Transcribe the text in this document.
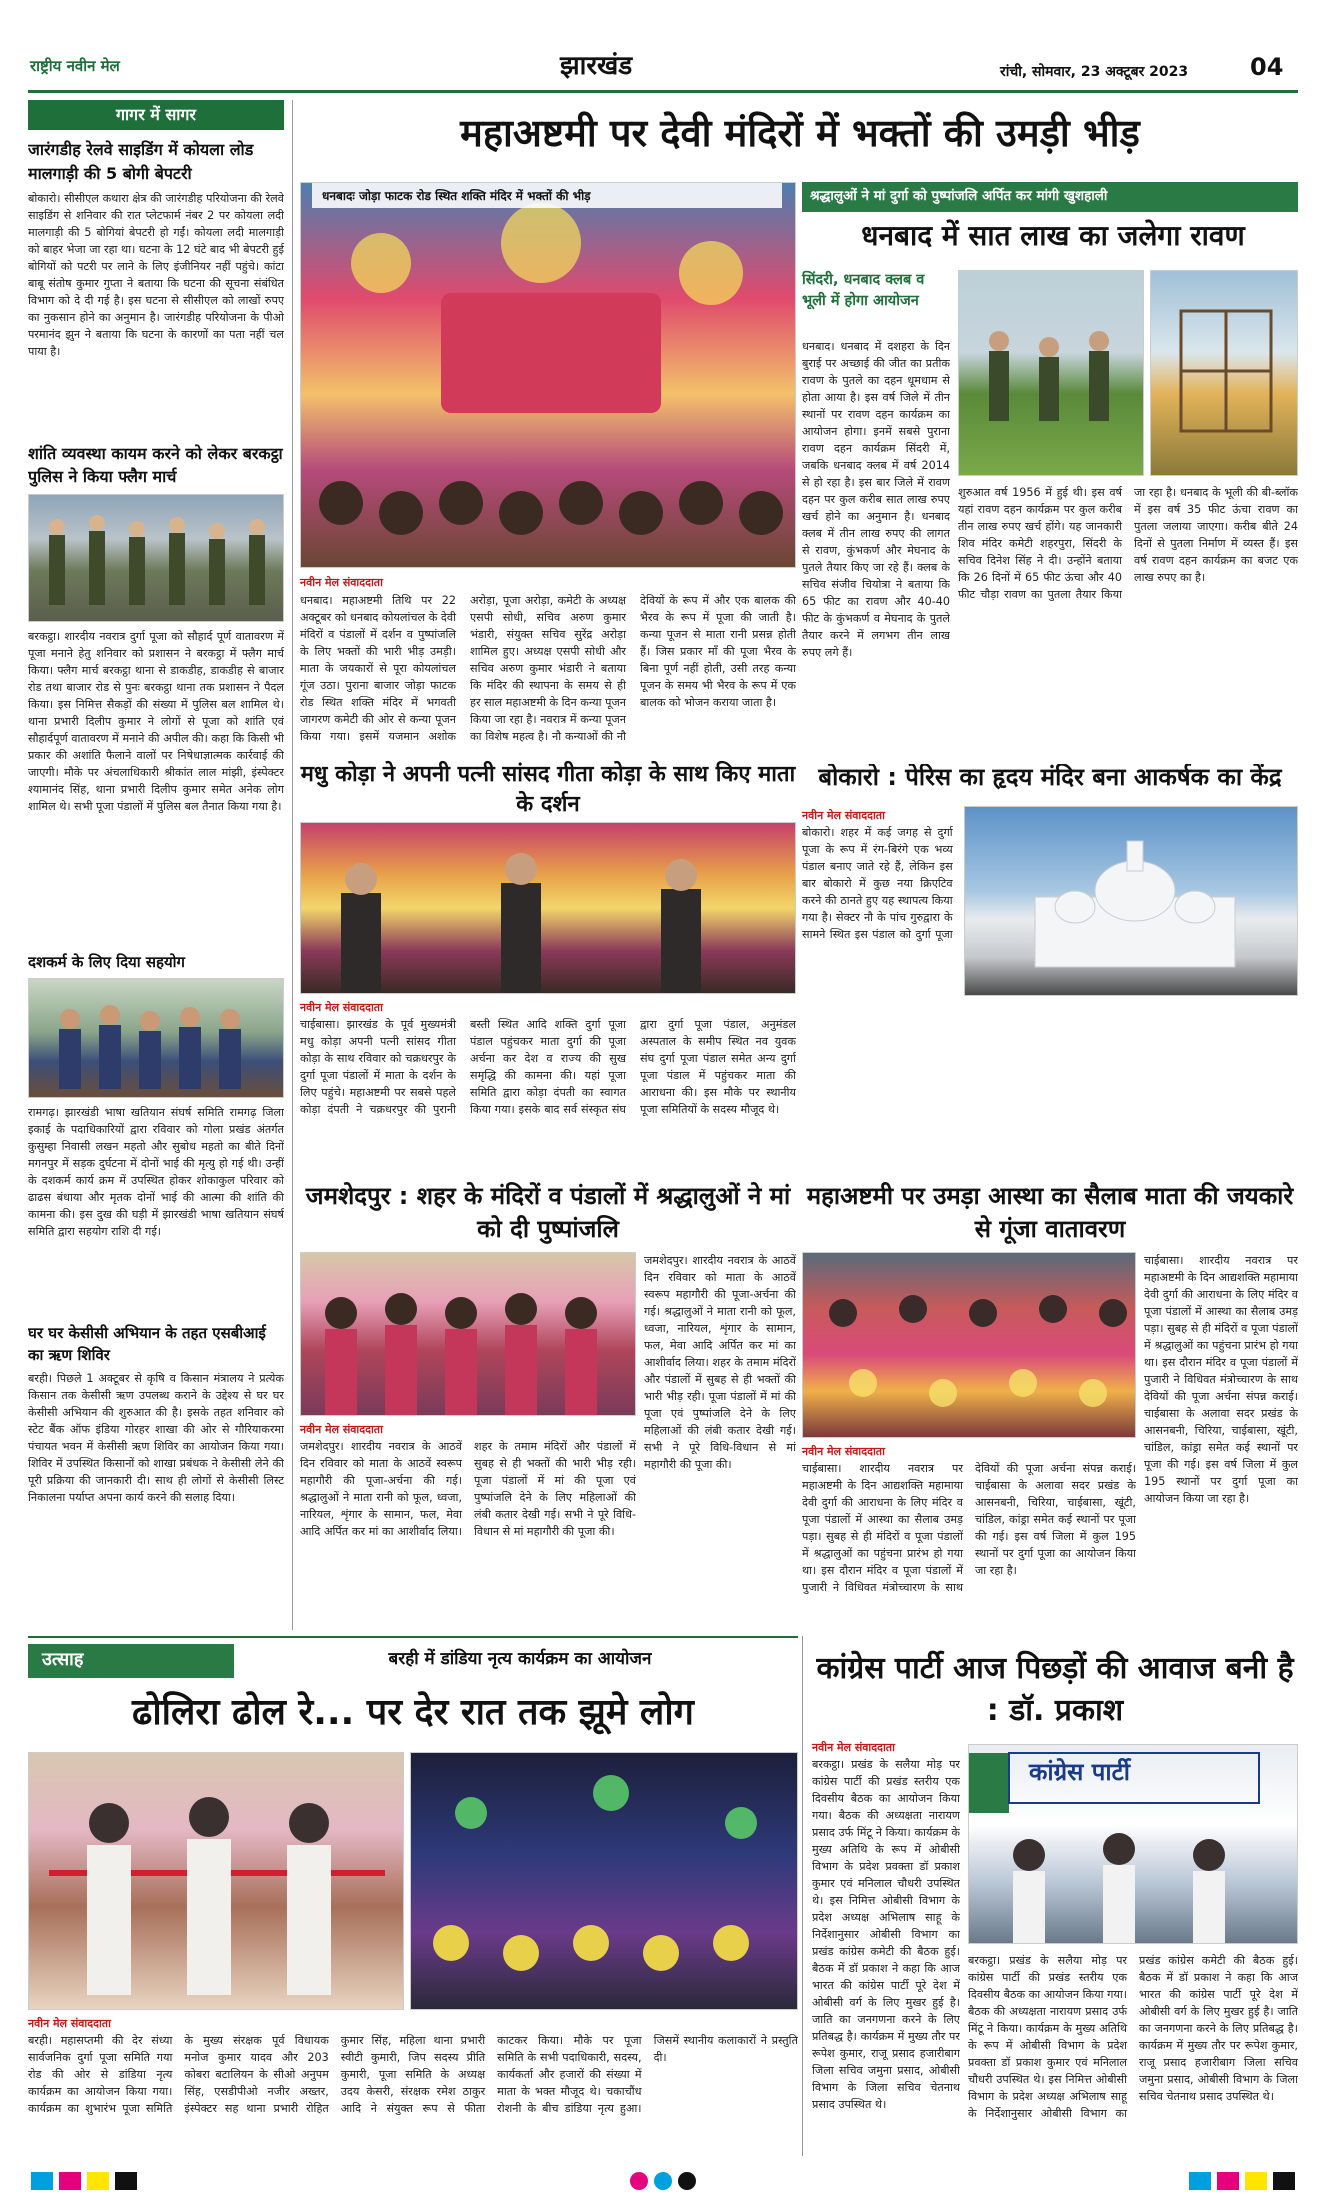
राष्ट्रीय नवीन मेल	झारखंड	रांची, सोमवार, 23 अक्टूबर 2023	04
गागर में सागर
जारंगडीह रेलवे साइडिंग में कोयला लोड मालगाड़ी की 5 बोगी बेपटरी
बोकारो। सीसीएल कथारा क्षेत्र की जारंगडीह परियोजना की रेलवे साइडिंग से शनिवार की रात प्लेटफार्म नंबर 2 पर कोयला लदी मालगाड़ी की 5 बोगियां बेपटरी हो गईं। कोयला लदी मालगाड़ी को बाहर भेजा जा रहा था। घटना के 12 घंटे बाद भी बेपटरी हुई बोगियों को पटरी पर लाने के लिए इंजीनियर नहीं पहुंचे। कांटा बाबू संतोष कुमार गुप्ता ने बताया कि घटना की सूचना संबंधित विभाग को दे दी गई है। इस घटना से सीसीएल को लाखों रुपए का नुकसान होने का अनुमान है। जारंगडीह परियोजना के पीओ परमानंद झुन ने बताया कि घटना के कारणों का पता नहीं चल पाया है।
शांति व्यवस्था कायम करने को लेकर बरकट्ठा पुलिस ने किया फ्लैग मार्च
बरकट्ठा। शारदीय नवरात्र दुर्गा पूजा को सौहार्द पूर्ण वातावरण में पूजा मनाने हेतु शनिवार को प्रशासन ने बरकट्ठा में फ्लैग मार्च किया। फ्लैग मार्च बरकट्ठा थाना से डाकडीह, डाकडीह से बाजार रोड तथा बाजार रोड से पुनः बरकट्ठा थाना तक प्रशासन ने पैदल किया। इस निमित्त सैकड़ों की संख्या में पुलिस बल शामिल थे। थाना प्रभारी दिलीप कुमार ने लोगों से पूजा को शांति एवं सौहार्दपूर्ण वातावरण में मनाने की अपील की। कहा कि किसी भी प्रकार की अशांति फैलाने वालों पर निषेधाज्ञात्मक कार्रवाई की जाएगी। मौके पर अंचलाधिकारी श्रीकांत लाल मांझी, इंस्पेक्टर श्यामानंद सिंह, थाना प्रभारी दिलीप कुमार समेत अनेक लोग शामिल थे। सभी पूजा पंडालों में पुलिस बल तैनात किया गया है।
दशकर्म के लिए दिया सहयोग
रामगढ़। झारखंडी भाषा खतियान संघर्ष समिति रामगढ़ जिला इकाई के पदाधिकारियों द्वारा रविवार को गोला प्रखंड अंतर्गत कुसुम्हा निवासी लखन महतो और सुबोध महतो का बीते दिनों मगनपुर में सड़क दुर्घटना में दोनों भाई की मृत्यु हो गई थी। उन्हीं के दशकर्म कार्य क्रम में उपस्थित होकर शोकाकुल परिवार को ढाढस बंधाया और मृतक दोनों भाई की आत्मा की शांति की कामना की। इस दुख की घड़ी में झारखंडी भाषा खतियान संघर्ष समिति द्वारा सहयोग राशि दी गई।
घर घर केसीसी अभियान के तहत एसबीआई का ऋण शिविर
बरही। पिछले 1 अक्टूबर से कृषि व किसान मंत्रालय ने प्रत्येक किसान तक केसीसी ऋण उपलब्ध कराने के उद्देश्य से घर घर केसीसी अभियान की शुरुआत की है। इसके तहत शनिवार को स्टेट बैंक ऑफ इंडिया गोरहर शाखा की ओर से गौरियाकरमा पंचायत भवन में केसीसी ऋण शिविर का आयोजन किया गया। शिविर में उपस्थित किसानों को शाखा प्रबंधक ने केसीसी लेने की पूरी प्रक्रिया की जानकारी दी। साथ ही लोगों से केसीसी लिस्ट निकालना पर्याप्त अपना कार्य करने की सलाह दिया।
महाअष्टमी पर देवी मंदिरों में भक्तों की उमड़ी भीड़
धनबादः जोड़ा फाटक रोड स्थित शक्ति मंदिर में भक्तों की भीड़
नवीन मेल संवाददाता
धनबाद। महाअष्टमी तिथि पर 22 अक्टूबर को धनबाद कोयलांचल के देवी मंदिरों व पंडालों में दर्शन व पुष्पांजलि के लिए भक्तों की भारी भीड़ उमड़ी। माता के जयकारों से पूरा कोयलांचल गूंज उठा। पुराना बाजार जोड़ा फाटक रोड स्थित शक्ति मंदिर में भगवती जागरण कमेटी की ओर से कन्या पूजन किया गया। इसमें यजमान अशोक अरोड़ा, पूजा अरोड़ा, कमेटी के अध्यक्ष एसपी सोधी, सचिव अरुण कुमार भंडारी, संयुक्त सचिव सुरेंद्र अरोड़ा शामिल हुए। अध्यक्ष एसपी सोधी और सचिव अरुण कुमार भंडारी ने बताया कि मंदिर की स्थापना के समय से ही हर साल महाअष्टमी के दिन कन्या पूजन किया जा रहा है। नवरात्र में कन्या पूजन का विशेष महत्व है। नौ कन्याओं की नौ देवियों के रूप में और एक बालक की भैरव के रूप में पूजा की जाती है। कन्या पूजन से माता रानी प्रसन्न होती हैं। जिस प्रकार माँ की पूजा भैरव के बिना पूर्ण नहीं होती, उसी तरह कन्या पूजन के समय भी भैरव के रूप में एक बालक को भोजन कराया जाता है।
श्रद्धालुओं ने मां दुर्गा को पुष्पांजलि अर्पित कर मांगी खुशहाली
धनबाद में सात लाख का जलेगा रावण
सिंदरी, धनबाद क्लब व भूली में होगा आयोजन
धनबाद। धनबाद में दशहरा के दिन बुराई पर अच्छाई की जीत का प्रतीक रावण के पुतले का दहन धूमधाम से होता आया है। इस वर्ष जिले में तीन स्थानों पर रावण दहन कार्यक्रम का आयोजन होगा। इनमें सबसे पुराना रावण दहन कार्यक्रम सिंदरी में, जबकि धनबाद क्लब में वर्ष 2014 से हो रहा है। इस बार जिले में रावण दहन पर कुल करीब सात लाख रुपए खर्च होने का अनुमान है। धनबाद क्लब में तीन लाख रुपए की लागत से रावण, कुंभकर्ण और मेघनाद के पुतले तैयार किए जा रहे हैं। क्लब के सचिव संजीव चियोत्रा ने बताया कि 65 फीट का रावण और 40-40 फीट के कुंभकर्ण व मेघनाद के पुतले तैयार करने में लगभग तीन लाख रुपए लगे हैं।
शुरुआत वर्ष 1956 में हुई थी। इस वर्ष यहां रावण दहन कार्यक्रम पर कुल करीब तीन लाख रुपए खर्च होंगे। यह जानकारी शिव मंदिर कमेटी शहरपुरा, सिंदरी के सचिव दिनेश सिंह ने दी। उन्होंने बताया कि 26 दिनों में 65 फीट ऊंचा और 40 फीट चौड़ा रावण का पुतला तैयार किया जा रहा है। धनबाद के भूली की बी-ब्लॉक में इस वर्ष 35 फीट ऊंचा रावण का पुतला जलाया जाएगा। करीब बीते 24 दिनों से पुतला निर्माण में व्यस्त हैं। इस वर्ष रावण दहन कार्यक्रम का बजट एक लाख रुपए का है।
मधु कोड़ा ने अपनी पत्नी सांसद गीता कोड़ा के साथ किए माता के दर्शन
नवीन मेल संवाददाता
चाईबासा। झारखंड के पूर्व मुख्यमंत्री मधु कोड़ा अपनी पत्नी सांसद गीता कोड़ा के साथ रविवार को चक्रधरपुर के दुर्गा पूजा पंडालों में माता के दर्शन के लिए पहुंचे। महाअष्टमी पर सबसे पहले कोड़ा दंपती ने चक्रधरपुर की पुरानी बस्ती स्थित आदि शक्ति दुर्गा पूजा पंडाल पहुंचकर माता दुर्गा की पूजा अर्चना कर देश व राज्य की सुख समृद्धि की कामना की। यहां पूजा समिति द्वारा कोड़ा दंपती का स्वागत किया गया। इसके बाद सर्व संस्कृत संघ द्वारा दुर्गा पूजा पंडाल, अनुमंडल अस्पताल के समीप स्थित नव युवक संघ दुर्गा पूजा पंडाल समेत अन्य दुर्गा पूजा पंडाल में पहुंचकर माता की आराधना की। इस मौके पर स्थानीय पूजा समितियों के सदस्य मौजूद थे।
बोकारो : पेरिस का हृदय मंदिर बना आकर्षक का केंद्र
नवीन मेल संवाददाता
बोकारो। शहर में कई जगह से दुर्गा पूजा के रूप में रंग-बिरंगे एक भव्य पंडाल बनाए जाते रहे हैं, लेकिन इस बार बोकारो में कुछ नया क्रिएटिव करने की ठानते हुए यह स्थापत्य किया गया है। सेक्टर नौ के पांच गुरुद्वारा के सामने स्थित इस पंडाल को दुर्गा पूजा
जमशेदपुर : शहर के मंदिरों व पंडालों में श्रद्धालुओं ने मां को दी पुष्पांजलि
नवीन मेल संवाददाता
जमशेदपुर। शारदीय नवरात्र के आठवें दिन रविवार को माता के आठवें स्वरूप महागौरी की पूजा-अर्चना की गई। श्रद्धालुओं ने माता रानी को फूल, ध्वजा, नारियल, शृंगार के सामान, फल, मेवा आदि अर्पित कर मां का आशीर्वाद लिया। शहर के तमाम मंदिरों और पंडालों में सुबह से ही भक्तों की भारी भीड़ रही। पूजा पंडालों में मां की पूजा एवं पुष्पांजलि देने के लिए महिलाओं की लंबी कतार देखी गई। सभी ने पूरे विधि-विधान से मां महागौरी की पूजा की।
जमशेदपुर। शारदीय नवरात्र के आठवें दिन रविवार को माता के आठवें स्वरूप महागौरी की पूजा-अर्चना की गई। श्रद्धालुओं ने माता रानी को फूल, ध्वजा, नारियल, शृंगार के सामान, फल, मेवा आदि अर्पित कर मां का आशीर्वाद लिया। शहर के तमाम मंदिरों और पंडालों में सुबह से ही भक्तों की भारी भीड़ रही। पूजा पंडालों में मां की पूजा एवं पुष्पांजलि देने के लिए महिलाओं की लंबी कतार देखी गई। सभी ने पूरे विधि-विधान से मां महागौरी की पूजा की।
महाअष्टमी पर उमड़ा आस्था का सैलाब माता की जयकारे से गूंजा वातावरण
नवीन मेल संवाददाता
चाईबासा। शारदीय नवरात्र पर महाअष्टमी के दिन आद्यशक्ति महामाया देवी दुर्गा की आराधना के लिए मंदिर व पूजा पंडालों में आस्था का सैलाब उमड़ पड़ा। सुबह से ही मंदिरों व पूजा पंडालों में श्रद्धालुओं का पहुंचना प्रारंभ हो गया था। इस दौरान मंदिर व पूजा पंडालों में पुजारी ने विधिवत मंत्रोच्चारण के साथ देवियों की पूजा अर्चना संपन्न कराई। चाईबासा के अलावा सदर प्रखंड के आसनबनी, चिरिया, चाईबासा, खूंटी, चांडिल, कांड्रा समेत कई स्थानों पर पूजा की गई। इस वर्ष जिला में कुल 195 स्थानों पर दुर्गा पूजा का आयोजन किया जा रहा है।
चाईबासा। शारदीय नवरात्र पर महाअष्टमी के दिन आद्यशक्ति महामाया देवी दुर्गा की आराधना के लिए मंदिर व पूजा पंडालों में आस्था का सैलाब उमड़ पड़ा। सुबह से ही मंदिरों व पूजा पंडालों में श्रद्धालुओं का पहुंचना प्रारंभ हो गया था। इस दौरान मंदिर व पूजा पंडालों में पुजारी ने विधिवत मंत्रोच्चारण के साथ देवियों की पूजा अर्चना संपन्न कराई। चाईबासा के अलावा सदर प्रखंड के आसनबनी, चिरिया, चाईबासा, खूंटी, चांडिल, कांड्रा समेत कई स्थानों पर पूजा की गई। इस वर्ष जिला में कुल 195 स्थानों पर दुर्गा पूजा का आयोजन किया जा रहा है।
उत्साह	बरही में डांडिया नृत्य कार्यक्रम का आयोजन
ढोलिरा ढोल रे... पर देर रात तक झूमे लोग
नवीन मेल संवाददाता
बरही। महासप्तमी की देर संध्या सार्वजनिक दुर्गा पूजा समिति गया रोड की ओर से डांडिया नृत्य कार्यक्रम का आयोजन किया गया। कार्यक्रम का शुभारंभ पूजा समिति के मुख्य संरक्षक पूर्व विधायक मनोज कुमार यादव और 203 कोबरा बटालियन के सीओ अनुपम सिंह, एसडीपीओ नजीर अख्तर, इंस्पेक्टर सह थाना प्रभारी रोहित कुमार सिंह, महिला थाना प्रभारी स्वीटी कुमारी, जिप सदस्य प्रीति कुमारी, पूजा समिति के अध्यक्ष उदय केसरी, संरक्षक रमेश ठाकुर आदि ने संयुक्त रूप से फीता काटकर किया। मौके पर पूजा समिति के सभी पदाधिकारी, सदस्य, कार्यकर्ता और हजारों की संख्या में माता के भक्त मौजूद थे। चकाचौंध रोशनी के बीच डांडिया नृत्य हुआ। जिसमें स्थानीय कलाकारों ने प्रस्तुति दी।
कांग्रेस पार्टी आज पिछड़ों की आवाज बनी है : डॉ. प्रकाश
नवीन मेल संवाददाता
बरकट्ठा। प्रखंड के सलैया मोड़ पर कांग्रेस पार्टी की प्रखंड स्तरीय एक दिवसीय बैठक का आयोजन किया गया। बैठक की अध्यक्षता नारायण प्रसाद उर्फ मिंटू ने किया। कार्यक्रम के मुख्य अतिथि के रूप में ओबीसी विभाग के प्रदेश प्रवक्ता डॉ प्रकाश कुमार एवं मनिलाल चौधरी उपस्थित थे। इस निमित्त ओबीसी विभाग के प्रदेश अध्यक्ष अभिलाष साहू के निर्देशानुसार ओबीसी विभाग का प्रखंड कांग्रेस कमेटी की बैठक हुई। बैठक में डॉ प्रकाश ने कहा कि आज भारत की कांग्रेस पार्टी पूरे देश में ओबीसी वर्ग के लिए मुखर हुई है। जाति का जनगणना करने के लिए प्रतिबद्ध है। कार्यक्रम में मुख्य तौर पर रूपेश कुमार, राजू प्रसाद हजारीबाग जिला सचिव जमुना प्रसाद, ओबीसी विभाग के जिला सचिव चेतनाथ प्रसाद उपस्थित थे।
कांग्रेस पार्टी
बरकट्ठा। प्रखंड के सलैया मोड़ पर कांग्रेस पार्टी की प्रखंड स्तरीय एक दिवसीय बैठक का आयोजन किया गया। बैठक की अध्यक्षता नारायण प्रसाद उर्फ मिंटू ने किया। कार्यक्रम के मुख्य अतिथि के रूप में ओबीसी विभाग के प्रदेश प्रवक्ता डॉ प्रकाश कुमार एवं मनिलाल चौधरी उपस्थित थे। इस निमित्त ओबीसी विभाग के प्रदेश अध्यक्ष अभिलाष साहू के निर्देशानुसार ओबीसी विभाग का प्रखंड कांग्रेस कमेटी की बैठक हुई। बैठक में डॉ प्रकाश ने कहा कि आज भारत की कांग्रेस पार्टी पूरे देश में ओबीसी वर्ग के लिए मुखर हुई है। जाति का जनगणना करने के लिए प्रतिबद्ध है। कार्यक्रम में मुख्य तौर पर रूपेश कुमार, राजू प्रसाद हजारीबाग जिला सचिव जमुना प्रसाद, ओबीसी विभाग के जिला सचिव चेतनाथ प्रसाद उपस्थित थे।
